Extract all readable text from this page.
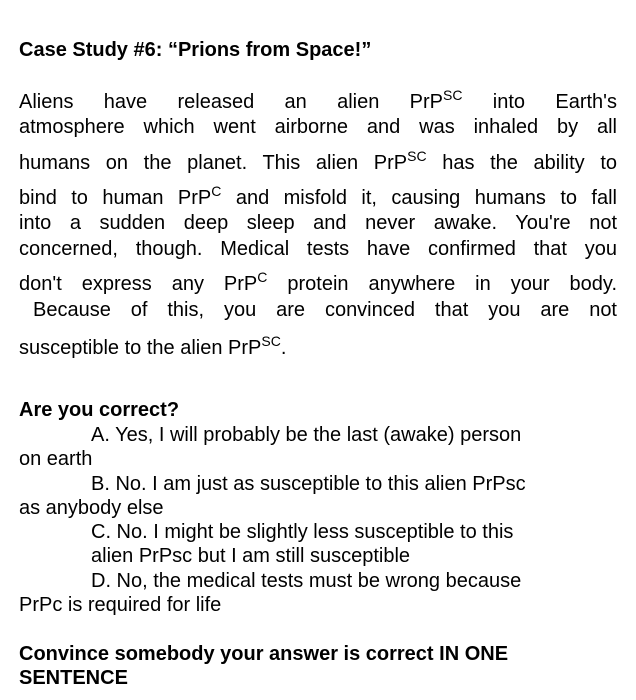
Case Study #6: “Prions from Space!”
Aliens have released an alien PrP$^{SC}$ into Earth's
atmosphere which went airborne and was inhaled by all
humans on the planet. This alien PrP$^{SC}$ has the ability to
bind to human PrP$^C$ and misfold it, causing humans to fall
into a sudden deep sleep and never awake. You're not
concerned, though. Medical tests have confirmed that you
don't express any PrP$^C$ protein anywhere in your body.
Because of this, you are convinced that you are not
susceptible to the alien PrP$^{SC}$.
Are you correct?
A. Yes, I will probably be the last (awake) person
on earth
B. No. I am just as susceptible to this alien PrPsc
as anybody else
C. No. I might be slightly less susceptible to this
alien PrPsc but I am still susceptible
D. No, the medical tests must be wrong because
PrPc is required for life
Convince somebody your answer is correct IN ONE
SENTENCE
